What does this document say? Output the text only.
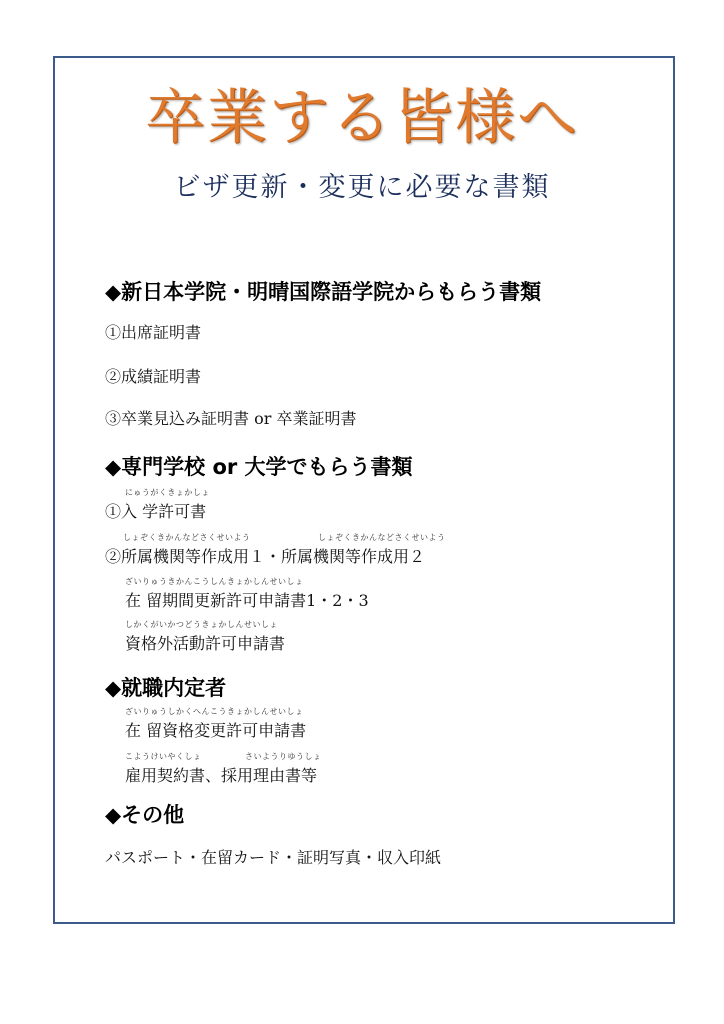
卒業する皆様へ
ビザ更新・変更に必要な書類
◆新日本学院・明晴国際語学院からもらう書類
①出席証明書
②成績証明書
③卒業見込み証明書 or 卒業証明書
◆専門学校 or 大学でもらう書類
にゅうがくきょかしょ
①入 学許可書
しょぞくきかんなどさくせいよう	しょぞくきかんなどさくせいよう
②所属機関等作成用１・所属機関等作成用２
ざいりゅうきかんこうしんきょかしんせいしょ
在 留期間更新許可申請書1・2・3
しかくがいかつどうきょかしんせいしょ
資格外活動許可申請書
◆就職内定者
ざいりゅうしかくへんこうきょかしんせいしょ
在 留資格変更許可申請書
こようけいやくしょ	さいようりゆうしょ
雇用契約書、採用理由書等
◆その他
パスポート・在留カード・証明写真・収入印紙
